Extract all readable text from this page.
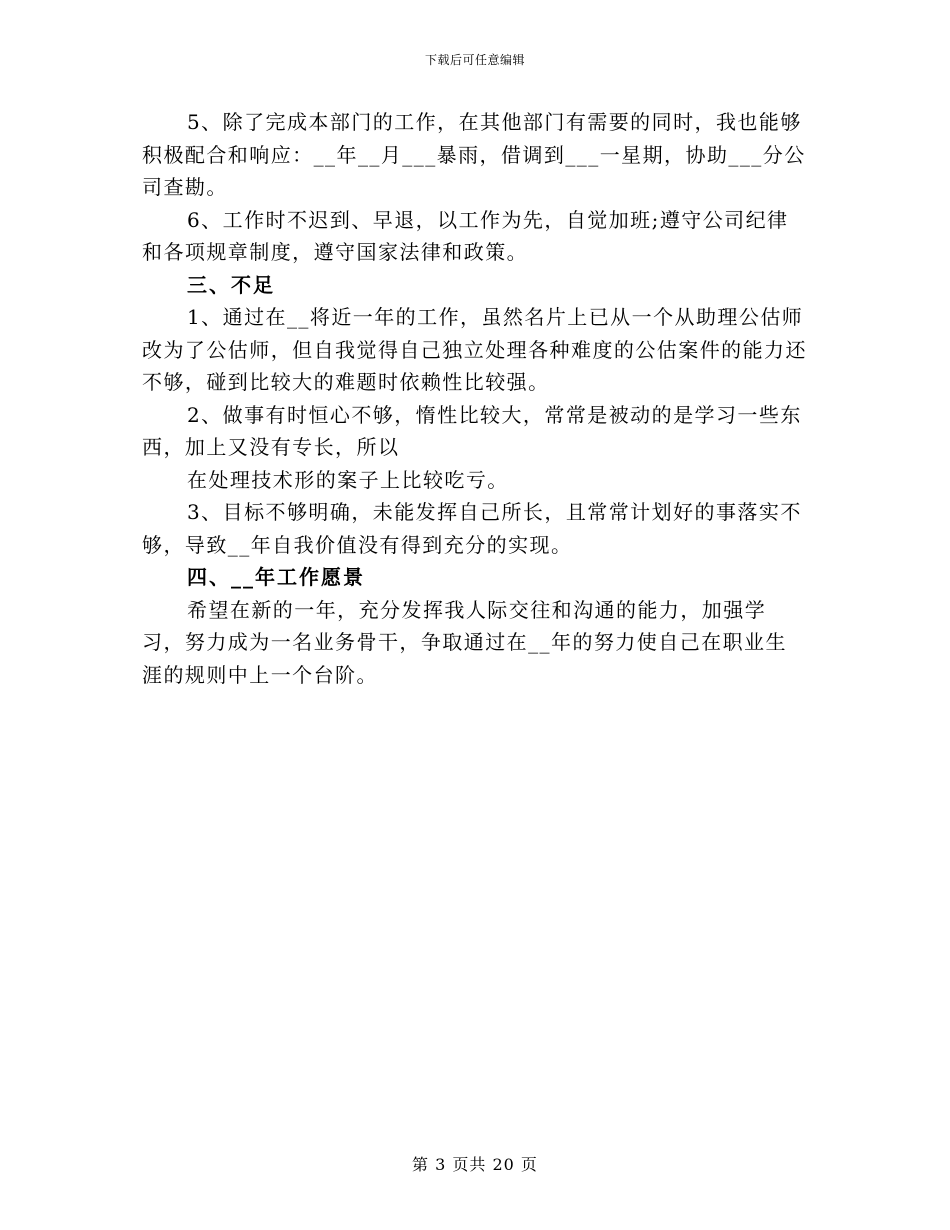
下载后可任意编辑

5、除了完成本部门的工作，在其他部门有需要的同时，我也能够积极配合和响应：__年__月___暴雨，借调到___一星期，协助___分公司查勘。

6、工作时不迟到、早退，以工作为先，自觉加班;遵守公司纪律和各项规章制度，遵守国家法律和政策。

三、不足

1、通过在__将近一年的工作，虽然名片上已从一个从助理公估师改为了公估师，但自我觉得自己独立处理各种难度的公估案件的能力还不够，碰到比较大的难题时依赖性比较强。

2、做事有时恒心不够，惰性比较大，常常是被动的是学习一些东西，加上又没有专长，所以

在处理技术形的案子上比较吃亏。

3、目标不够明确，未能发挥自己所长，且常常计划好的事落实不够，导致__年自我价值没有得到充分的实现。

四、__年工作愿景

希望在新的一年，充分发挥我人际交往和沟通的能力，加强学习，努力成为一名业务骨干，争取通过在__年的努力使自己在职业生涯的规则中上一个台阶。

第 3 页共 20 页
